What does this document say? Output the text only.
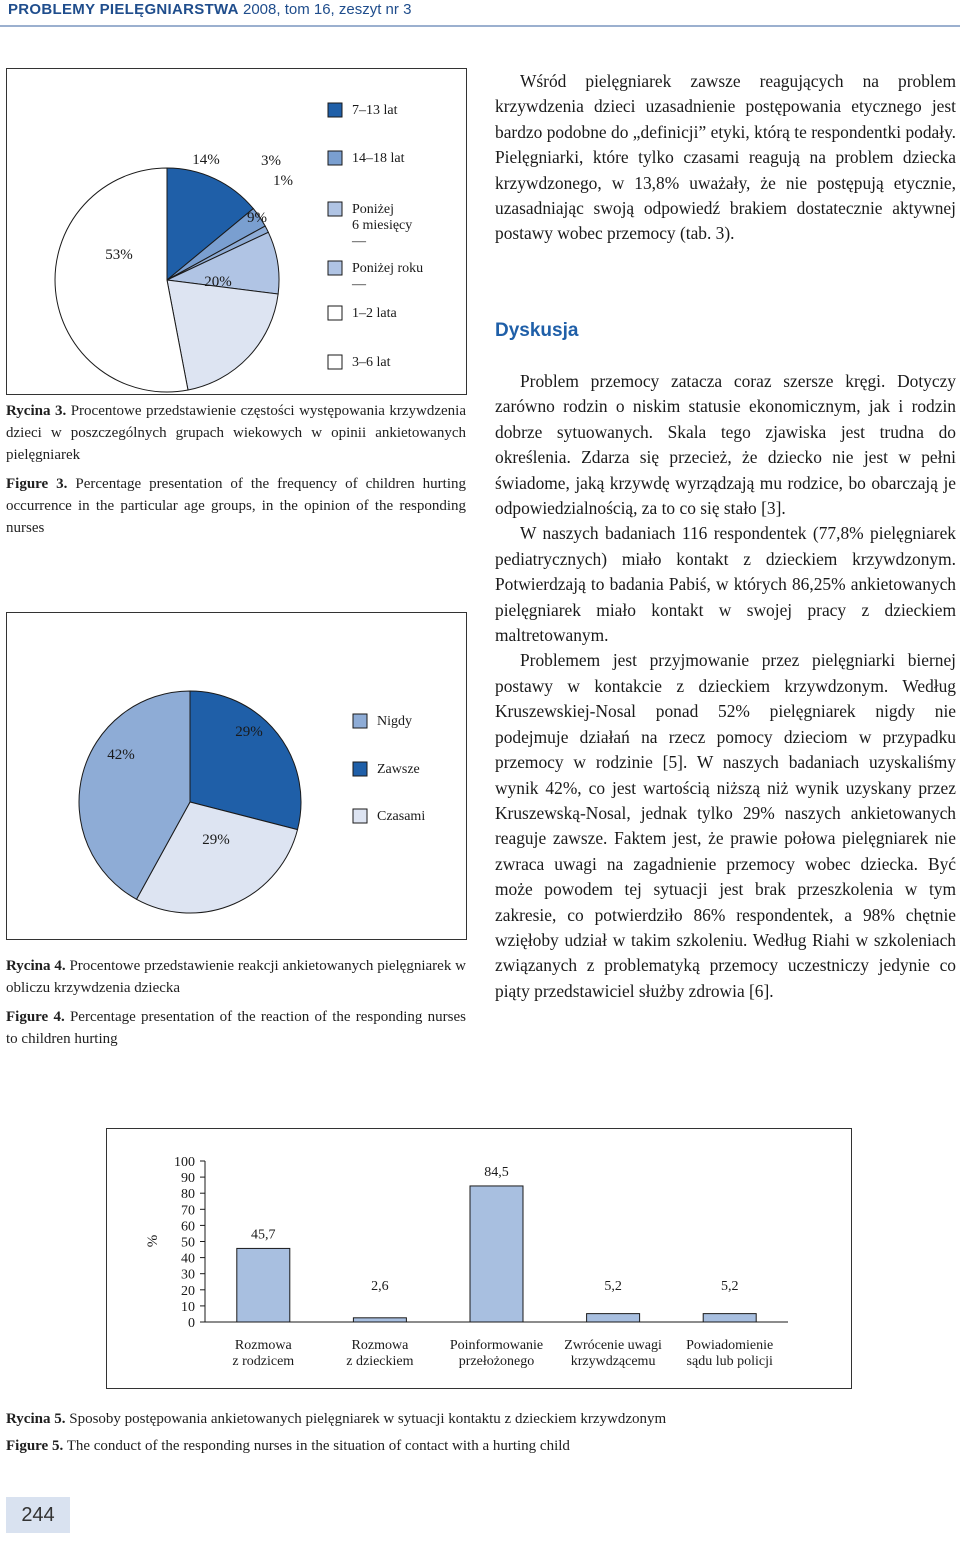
PROBLEMY PIELĘGNIARSTWA 2008, tom 16, zeszyt nr 3
14%	3%
1%
9%
20%
53%
7–13 lat
14–18 lat
Poniżej 6 miesięcy —
Poniżej roku —
1–2 lata
3–6 lat

Rycina 3. Procentowe przedstawienie częstości występowania krzywdzenia dzieci w poszczególnych grupach wiekowych w opinii ankietowanych pielęgniarek

Figure 3. Percentage presentation of the frequency of children hurting occurrence in the particular age groups, in the opinion of the responding nurses

29%
29%
42%
Nigdy
Zawsze
Czasami

Rycina 4. Procentowe przedstawienie reakcji ankietowanych pielęgniarek w obliczu krzywdzenia dziecka

Figure 4. Percentage presentation of the reaction of the responding nurses to children hurting

Wśród pielęgniarek zawsze reagujących na problem krzywdzenia dzieci uzasadnienie postępowania etycznego jest bardzo podobne do „definicji” etyki, którą te respondentki podały. Pielęgniarki, które tylko czasami reagują na problem dziecka krzywdzonego, w 13,8% uważały, że nie postępują etycznie, uzasadniając swoją odpowiedź brakiem dostatecznie aktywnej postawy wobec przemocy (tab. 3).

Dyskusja

Problem przemocy zatacza coraz szersze kręgi. Dotyczy zarówno rodzin o niskim statusie ekonomicznym, jak i rodzin dobrze sytuowanych. Skala tego zjawiska jest trudna do określenia. Zdarza się przecież, że dziecko nie jest w pełni świadome, jaką krzywdę wyrządzają mu rodzice, bo obarczają je odpowiedzialnością, za to co się stało [3].

W naszych badaniach 116 respondentek (77,8% pielęgniarek pediatrycznych) miało kontakt z dzieckiem krzywdzonym. Potwierdzają to badania Pabiś, w których 86,25% ankietowanych pielęgniarek miało kontakt w swojej pracy z dzieckiem maltretowanym.

Problemem jest przyjmowanie przez pielęgniarki biernej postawy w kontakcie z dzieckiem krzywdzonym. Według Kruszewskiej-Nosal ponad 52% pielęgniarek nigdy nie podejmuje działań na rzecz pomocy dzieciom w przypadku przemocy w rodzinie [5]. W naszych badaniach uzyskaliśmy wynik 42%, co jest wartością niższą niż wynik uzyskany przez Kruszewską-Nosal, jednak tylko 29% naszych ankietowanych reaguje zawsze. Faktem jest, że prawie połowa pielęgniarek nie zwraca uwagi na zagadnienie przemocy wobec dziecka. Być może powodem tej sytuacji jest brak przeszkolenia w tym zakresie, co potwierdziło 86% respondentek, a 98% chętnie wzięłoby udział w takim szkoleniu. Według Riahi w szkoleniach związanych z problematyką przemocy uczestniczy jedynie co piąty przedstawiciel służby zdrowia [6].

0
10
20
30
40
50
60
70
80
90
100
%	45,7
Rozmowa
z rodzicem
2,6
Rozmowa
z dzieckiem
84,5
Poinformowanie
przełożonego
5,2
Zwrócenie uwagi
krzywdzącemu
5,2
Powiadomienie
sądu lub policji

Rycina 5. Sposoby postępowania ankietowanych pielęgniarek w sytuacji kontaktu z dzieckiem krzywdzonym

Figure 5. The conduct of the responding nurses in the situation of contact with a hurting child

244
